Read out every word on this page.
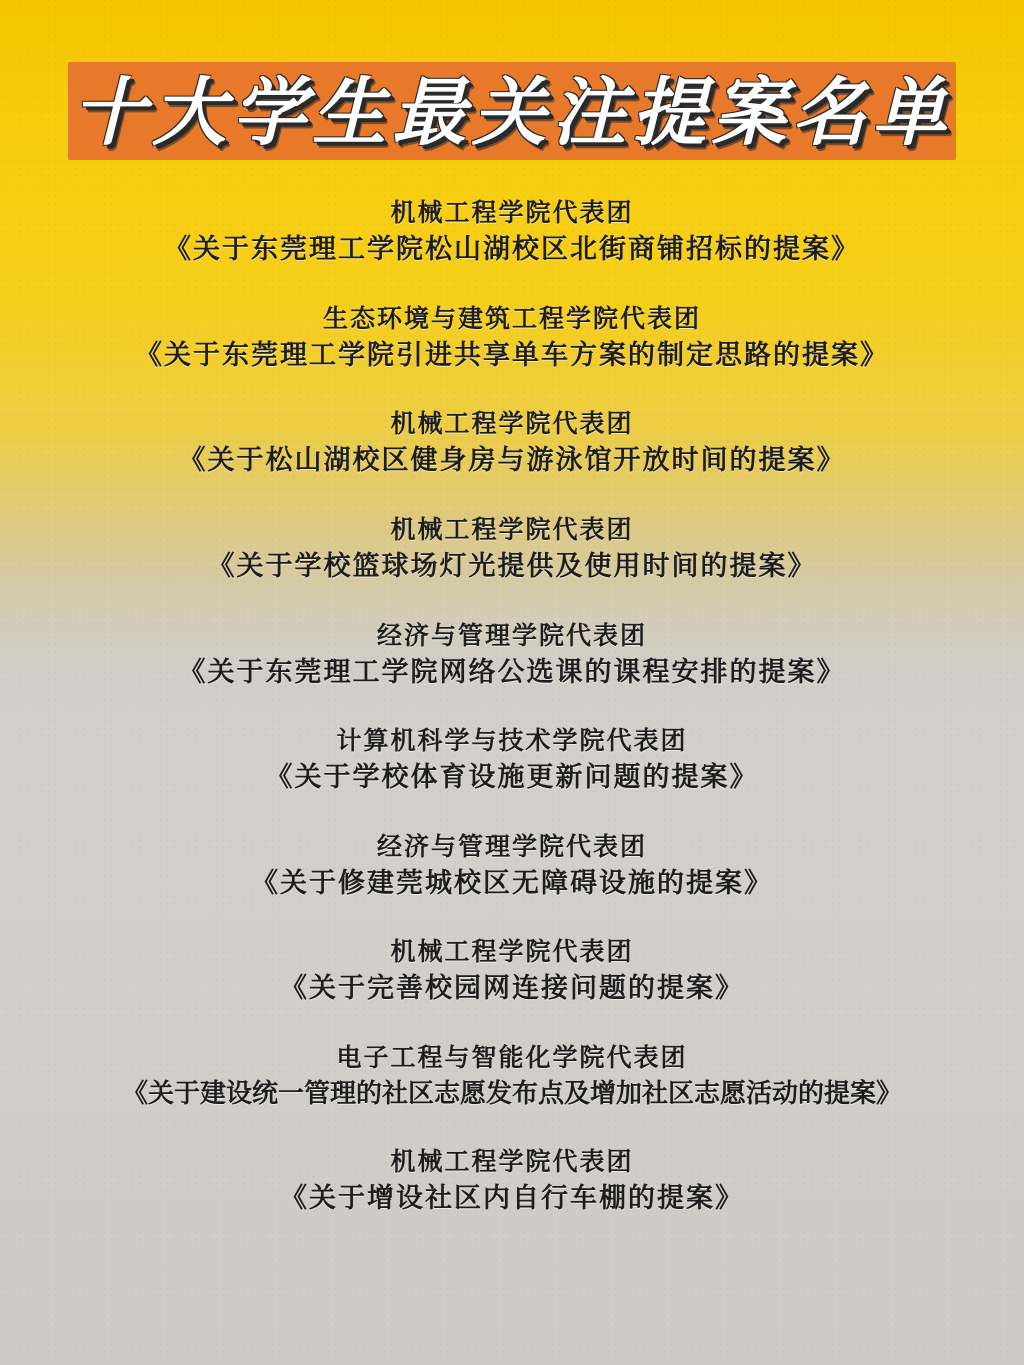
十大学生最关注提案名单
机械工程学院代表团
《关于东莞理工学院松山湖校区北街商铺招标的提案》
生态环境与建筑工程学院代表团
《关于东莞理工学院引进共享单车方案的制定思路的提案》
机械工程学院代表团
《关于松山湖校区健身房与游泳馆开放时间的提案》
机械工程学院代表团
《关于学校篮球场灯光提供及使用时间的提案》
经济与管理学院代表团
《关于东莞理工学院网络公选课的课程安排的提案》
计算机科学与技术学院代表团
《关于学校体育设施更新问题的提案》
经济与管理学院代表团
《关于修建莞城校区无障碍设施的提案》
机械工程学院代表团
《关于完善校园网连接问题的提案》
电子工程与智能化学院代表团
《关于建设统一管理的社区志愿发布点及增加社区志愿活动的提案》
机械工程学院代表团
《关于增设社区内自行车棚的提案》
